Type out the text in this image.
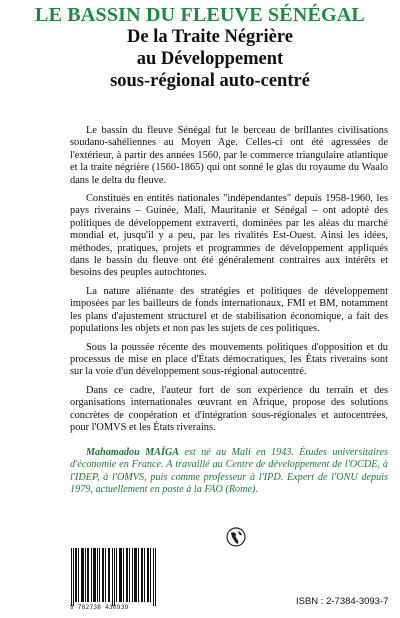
LE BASSIN DU FLEUVE SÉNÉGAL
De la Traite Négrière
au Développement
sous-régional auto-centré

Le bassin du fleuve Sénégal fut le berceau de brillantes civilisations soudano-sahéliennes au Moyen Age. Celles-ci ont été agressées de l'extérieur, à partir des années 1560, par le commerce triangulaire atlantique et la traite négrière (1560-1865) qui ont sonné le glas du royaume du Waalo dans le delta du fleuve.

Constitués en entités nationales "indépendantes" depuis 1958-1960, les pays riverains – Guinée, Mali, Mauritanie et Sénégal – ont adopté des politiques de développement extraverti, dominées par les aléas du marché mondial et, jusqu'il y a peu, par les rivalités Est-Ouest. Ainsi les idées, méthodes, pratiques, projets et programmes de développement appliqués dans le bassin du fleuve ont été généralement contraires aux intérêts et besoins des peuples autochtones.

La nature aliénante des stratégies et politiques de développement imposées par les bailleurs de fonds internationaux, FMI et BM, notamment les plans d'ajustement structurel et de stabilisation économique, a fait des populations les objets et non pas les sujets de ces politiques.

Sous la poussée récente des mouvements politiques d'opposition et du processus de mise en place d'États démocratiques, les États riverains sont sur la voie d'un développement sous-régional autocentré.

Dans ce cadre, l'auteur fort de son expérience du terrain et des organisations internationales œuvrant en Afrique, propose des solutions concrètes de coopération et d'intégration sous-régionales et autocentrées, pour l'OMVS et les États riverains.

Mahamadou MAÏGA est né au Mali en 1943. Études universitaires d'économie en France. A travaillé au Centre de développement de l'OCDE, à l'IDEP, à l'OMVS, puis comme professeur à l'IPD. Expert de l'ONU depuis 1979, actuellement en poste à la FAO (Rome).
9 782738 430939
ISBN : 2-7384-3093-7
